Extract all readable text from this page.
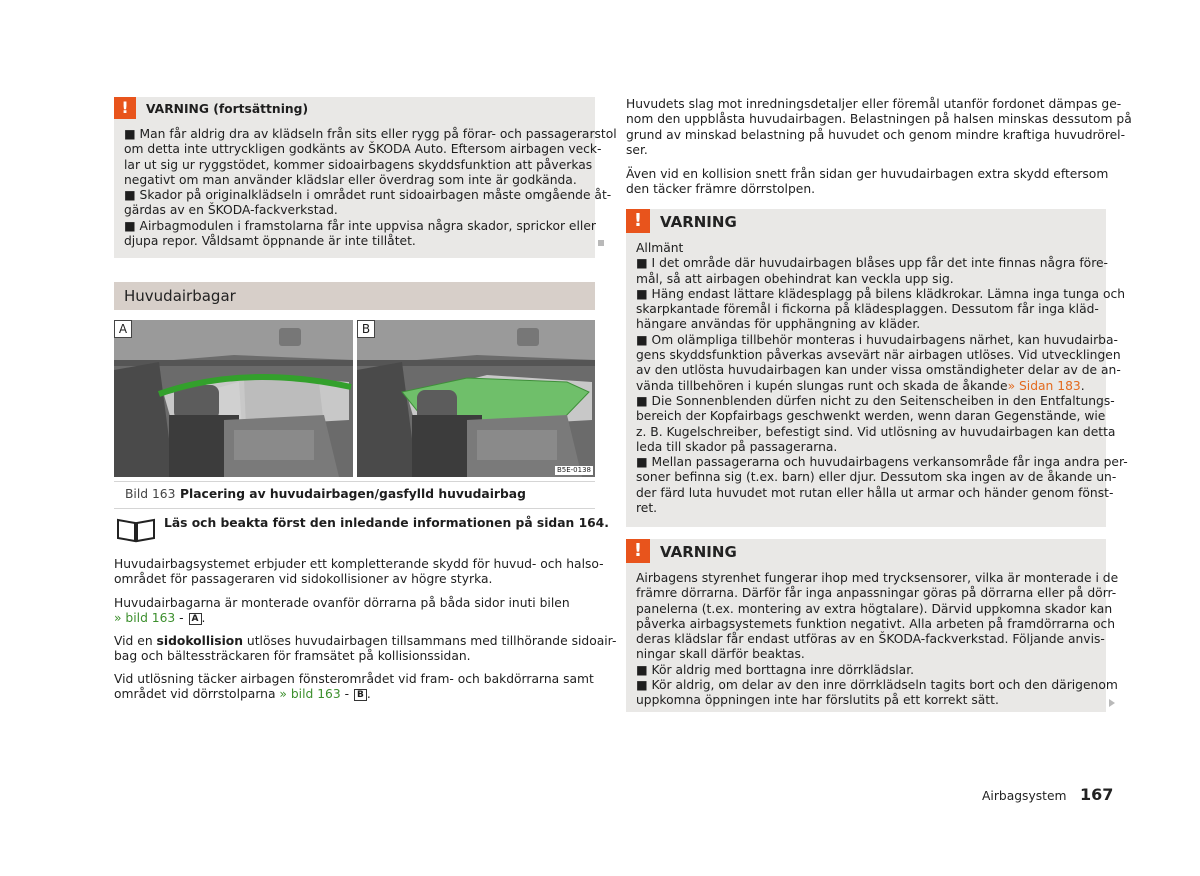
!	VARNING (fortsättning)
■ Man får aldrig dra av klädseln från sits eller rygg på förar- och passagerarstol
om detta inte uttryckligen godkänts av ŠKODA Auto. Eftersom airbagen veck-
lar ut sig ur ryggstödet, kommer sidoairbagens skyddsfunktion att påverkas
negativt om man använder klädslar eller överdrag som inte är godkända.
■ Skador på originalklädseln i området runt sidoairbagen måste omgående åt-
gärdas av en ŠKODA-fackverkstad.
■ Airbagmodulen i framstolarna får inte uppvisa några skador, sprickor eller
djupa repor. Våldsamt öppnande är inte tillåtet.
Huvudairbagar
A	B
B5E-0138
Bild 163 Placering av huvudairbagen/gasfylld huvudairbag
Läs och beakta först den inledande informationen på sidan 164.
Huvudairbagsystemet erbjuder ett kompletterande skydd för huvud- och halso-
området för passageraren vid sidokollisioner av högre styrka.
Huvudairbagarna är monterade ovanför dörrarna på båda sidor inuti bilen
» bild 163 - A .
Vid en sidokollision utlöses huvudairbagen tillsammans med tillhörande sidoair-
bag och bältessträckaren för framsätet på kollisionssidan.
Vid utlösning täcker airbagen fönsterområdet vid fram- och bakdörrarna samt
området vid dörrstolparna » bild 163 - B .
Huvudets slag mot inredningsdetaljer eller föremål utanför fordonet dämpas ge-
nom den uppblåsta huvudairbagen. Belastningen på halsen minskas dessutom på
grund av minskad belastning på huvudet och genom mindre kraftiga huvudrörel-
ser.
Även vid en kollision snett från sidan ger huvudairbagen extra skydd eftersom
den täcker främre dörrstolpen.
!	VARNING
Allmänt
■ I det område där huvudairbagen blåses upp får det inte finnas några före-
mål, så att airbagen obehindrat kan veckla upp sig.
■ Häng endast lättare klädesplagg på bilens klädkrokar. Lämna inga tunga och
skarpkantade föremål i fickorna på klädesplaggen. Dessutom får inga kläd-
hängare användas för upphängning av kläder.
■ Om olämpliga tillbehör monteras i huvudairbagens närhet, kan huvudairba-
gens skyddsfunktion påverkas avsevärt när airbagen utlöses. Vid utvecklingen
av den utlösta huvudairbagen kan under vissa omständigheter delar av de an-
vända tillbehören i kupén slungas runt och skada de åkande» Sidan 183.
■ Die Sonnenblenden dürfen nicht zu den Seitenscheiben in den Entfaltungs-
bereich der Kopfairbags geschwenkt werden, wenn daran Gegenstände, wie
z. B. Kugelschreiber, befestigt sind. Vid utlösning av huvudairbagen kan detta
leda till skador på passagerarna.
■ Mellan passagerarna och huvudairbagens verkansområde får inga andra per-
soner befinna sig (t.ex. barn) eller djur. Dessutom ska ingen av de åkande un-
der färd luta huvudet mot rutan eller hålla ut armar och händer genom fönst-
ret.
!	VARNING
Airbagens styrenhet fungerar ihop med trycksensorer, vilka är monterade i de
främre dörrarna. Därför får inga anpassningar göras på dörrarna eller på dörr-
panelerna (t.ex. montering av extra högtalare). Därvid uppkomna skador kan
påverka airbagsystemets funktion negativt. Alla arbeten på framdörrarna och
deras klädslar får endast utföras av en ŠKODA-fackverkstad. Följande anvis-
ningar skall därför beaktas.
■ Kör aldrig med borttagna inre dörrklädslar.
■ Kör aldrig, om delar av den inre dörrklädseln tagits bort och den därigenom
uppkomna öppningen inte har förslutits på ett korrekt sätt.
Airbagsystem 167
